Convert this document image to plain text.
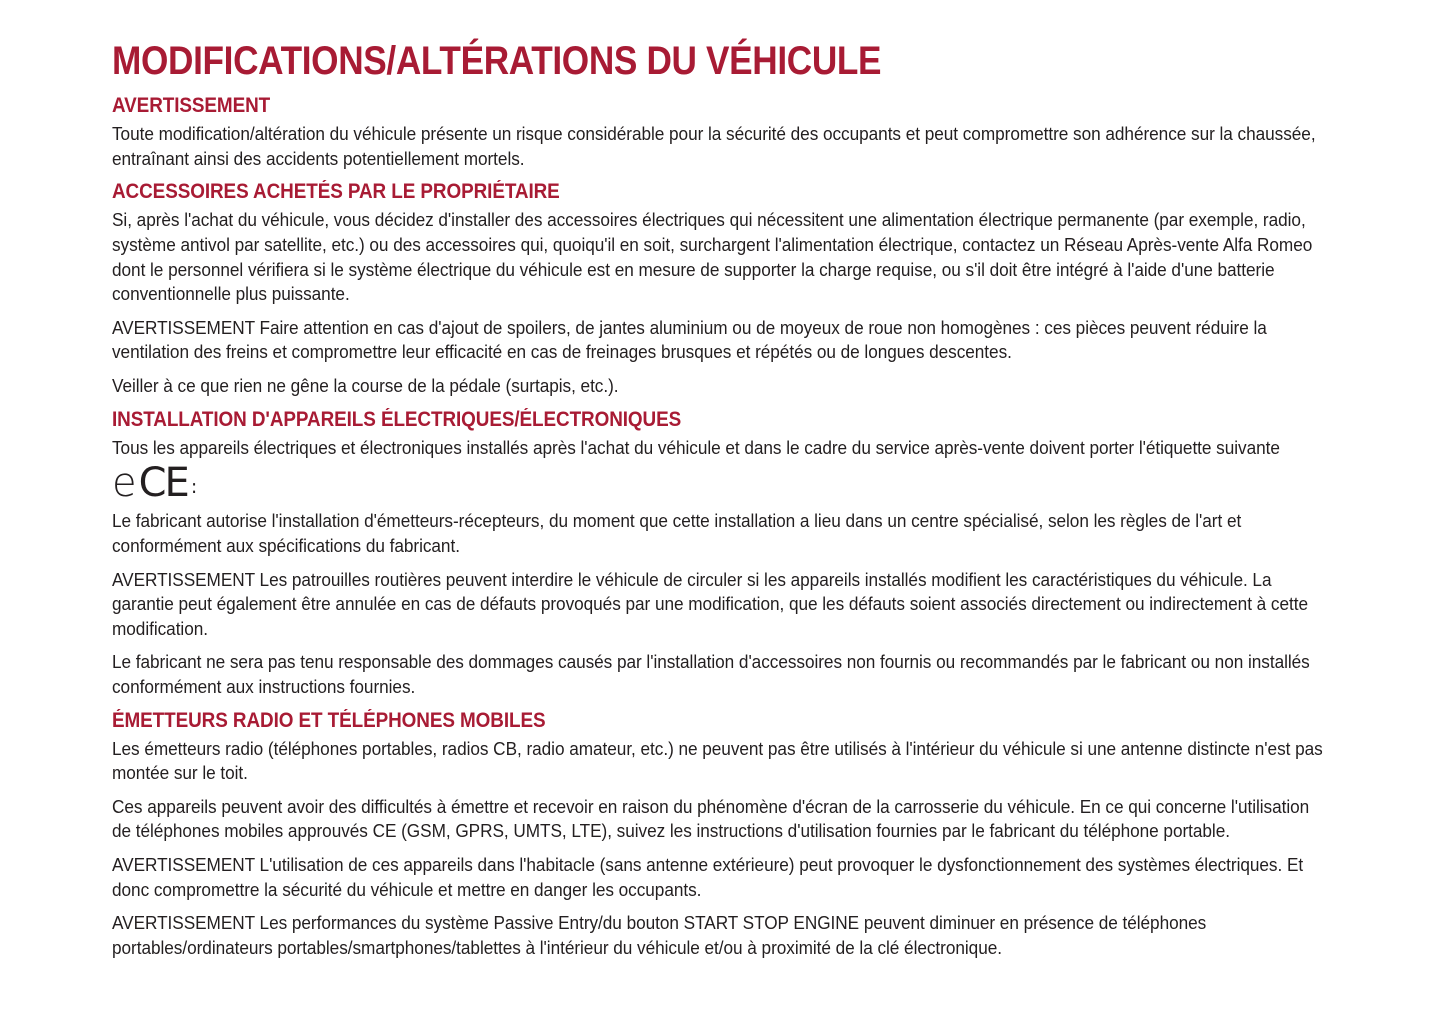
MODIFICATIONS/ALTÉRATIONS DU VÉHICULE
AVERTISSEMENT

Toute modification/altération du véhicule présente un risque considérable pour la sécurité des occupants et peut compromettre son adhérence sur la chaussée, entraînant ainsi des accidents potentiellement mortels.

ACCESSOIRES ACHETÉS PAR LE PROPRIÉTAIRE

Si, après l'achat du véhicule, vous décidez d'installer des accessoires électriques qui nécessitent une alimentation électrique permanente (par exemple, radio, système antivol par satellite, etc.) ou des accessoires qui, quoiqu'il en soit, surchargent l'alimentation électrique, contactez un Réseau Après-vente Alfa Romeo dont le personnel vérifiera si le système électrique du véhicule est en mesure de supporter la charge requise, ou s'il doit être intégré à l'aide d'une batterie conventionnelle plus puissante.

AVERTISSEMENT Faire attention en cas d'ajout de spoilers, de jantes aluminium ou de moyeux de roue non homogènes : ces pièces peuvent réduire la ventilation des freins et compromettre leur efficacité en cas de freinages brusques et répétés ou de longues descentes.

Veiller à ce que rien ne gêne la course de la pédale (surtapis, etc.).

INSTALLATION D'APPAREILS ÉLECTRIQUES/ÉLECTRONIQUES

Tous les appareils électriques et électroniques installés après l'achat du véhicule et dans le cadre du service après-vente doivent porter l'étiquette suivante

eCE :

Le fabricant autorise l'installation d'émetteurs-récepteurs, du moment que cette installation a lieu dans un centre spécialisé, selon les règles de l'art et conformément aux spécifications du fabricant.

AVERTISSEMENT Les patrouilles routières peuvent interdire le véhicule de circuler si les appareils installés modifient les caractéristiques du véhicule. La garantie peut également être annulée en cas de défauts provoqués par une modification, que les défauts soient associés directement ou indirectement à cette modification.

Le fabricant ne sera pas tenu responsable des dommages causés par l'installation d'accessoires non fournis ou recommandés par le fabricant ou non installés conformément aux instructions fournies.

ÉMETTEURS RADIO ET TÉLÉPHONES MOBILES

Les émetteurs radio (téléphones portables, radios CB, radio amateur, etc.) ne peuvent pas être utilisés à l'intérieur du véhicule si une antenne distincte n'est pas montée sur le toit.

Ces appareils peuvent avoir des difficultés à émettre et recevoir en raison du phénomène d'écran de la carrosserie du véhicule. En ce qui concerne l'utilisation de téléphones mobiles approuvés CE (GSM, GPRS, UMTS, LTE), suivez les instructions d'utilisation fournies par le fabricant du téléphone portable.

AVERTISSEMENT L'utilisation de ces appareils dans l'habitacle (sans antenne extérieure) peut provoquer le dysfonctionnement des systèmes électriques. Et donc compromettre la sécurité du véhicule et mettre en danger les occupants.

AVERTISSEMENT Les performances du système Passive Entry/du bouton START STOP ENGINE peuvent diminuer en présence de téléphones portables/ordinateurs portables/smartphones/tablettes à l'intérieur du véhicule et/ou à proximité de la clé électronique.
